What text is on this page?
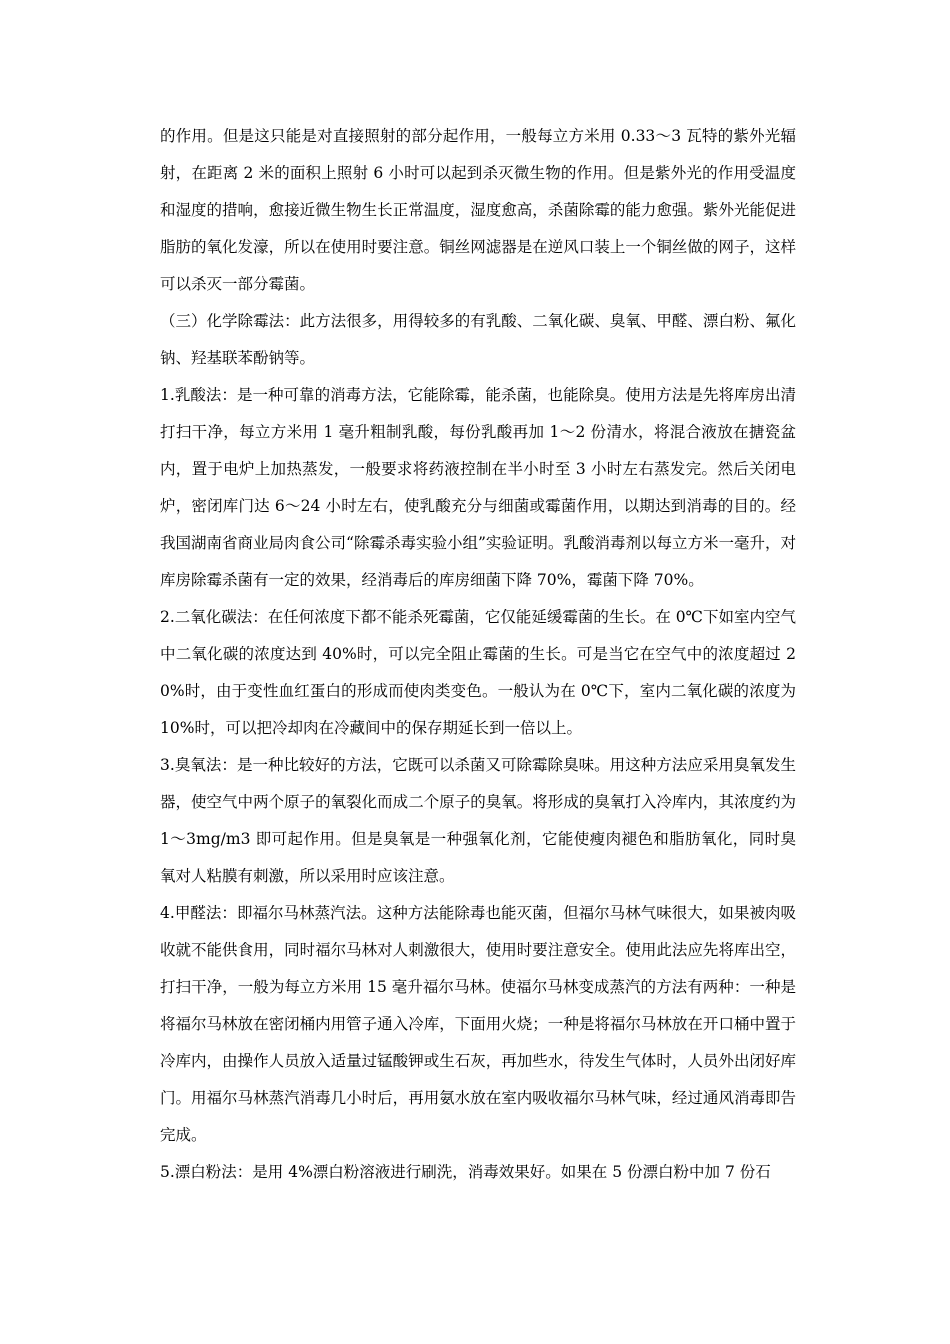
的作用。但是这只能是对直接照射的部分起作用，一般每立方米用 0.33～3 瓦特的紫外光辐射，在距离 2 米的面积上照射 6 小时可以起到杀灭微生物的作用。但是紫外光的作用受温度和湿度的措响，愈接近微生物生长正常温度，湿度愈高，杀菌除霉的能力愈强。紫外光能促进脂肪的氧化发濠，所以在使用时要注意。铜丝网滤器是在逆风口装上一个铜丝做的网子，这样可以杀灭一部分霉菌。

（三）化学除霉法：此方法很多，用得较多的有乳酸、二氧化碳、臭氧、甲醛、漂白粉、氟化钠、羟基联苯酚钠等。

1.乳酸法：是一种可靠的消毒方法，它能除霉，能杀菌，也能除臭。使用方法是先将库房出清打扫干净，每立方米用 1 毫升粗制乳酸，每份乳酸再加 1～2 份清水，将混合液放在搪瓷盆内，置于电炉上加热蒸发，一般要求将药液控制在半小时至 3 小时左右蒸发完。然后关闭电炉，密闭库门达 6～24 小时左右，使乳酸充分与细菌或霉菌作用，以期达到消毒的目的。经我国湖南省商业局肉食公司“除霉杀毒实验小组”实验证明。乳酸消毒剂以每立方米一毫升，对库房除霉杀菌有一定的效果，经消毒后的库房细菌下降 70%，霉菌下降 70%。

2.二氧化碳法：在任何浓度下都不能杀死霉菌，它仅能延缓霉菌的生长。在 0℃下如室内空气中二氧化碳的浓度达到 40%时，可以完全阻止霉菌的生长。可是当它在空气中的浓度超过 20%时，由于变性血红蛋白的形成而使肉类变色。一般认为在 0℃下，室内二氧化碳的浓度为 10%时，可以把冷却肉在冷藏间中的保存期延长到一倍以上。

3.臭氧法：是一种比较好的方法，它既可以杀菌又可除霉除臭味。用这种方法应采用臭氧发生器，使空气中两个原子的氧裂化而成二个原子的臭氧。将形成的臭氧打入冷库内，其浓度约为 1～3mg/m3 即可起作用。但是臭氧是一种强氧化剂，它能使瘦肉褪色和脂肪氧化，同时臭氧对人粘膜有刺激，所以采用时应该注意。

4.甲醛法：即福尔马林蒸汽法。这种方法能除毒也能灭菌，但福尔马林气味很大，如果被肉吸收就不能供食用，同时福尔马林对人刺激很大，使用时要注意安全。使用此法应先将库出空，打扫干净，一般为每立方米用 15 毫升福尔马林。使福尔马林变成蒸汽的方法有两种：一种是将福尔马林放在密闭桶内用管子通入冷库，下面用火烧；一种是将福尔马林放在开口桶中置于冷库内，由操作人员放入适量过锰酸钾或生石灰，再加些水，待发生气体时，人员外出闭好库门。用福尔马林蒸汽消毒几小时后，再用氨水放在室内吸收福尔马林气味，经过通风消毒即告完成。

5.漂白粉法：是用 4%漂白粉溶液进行刷洗，消毒效果好。如果在 5 份漂白粉中加 7 份石
